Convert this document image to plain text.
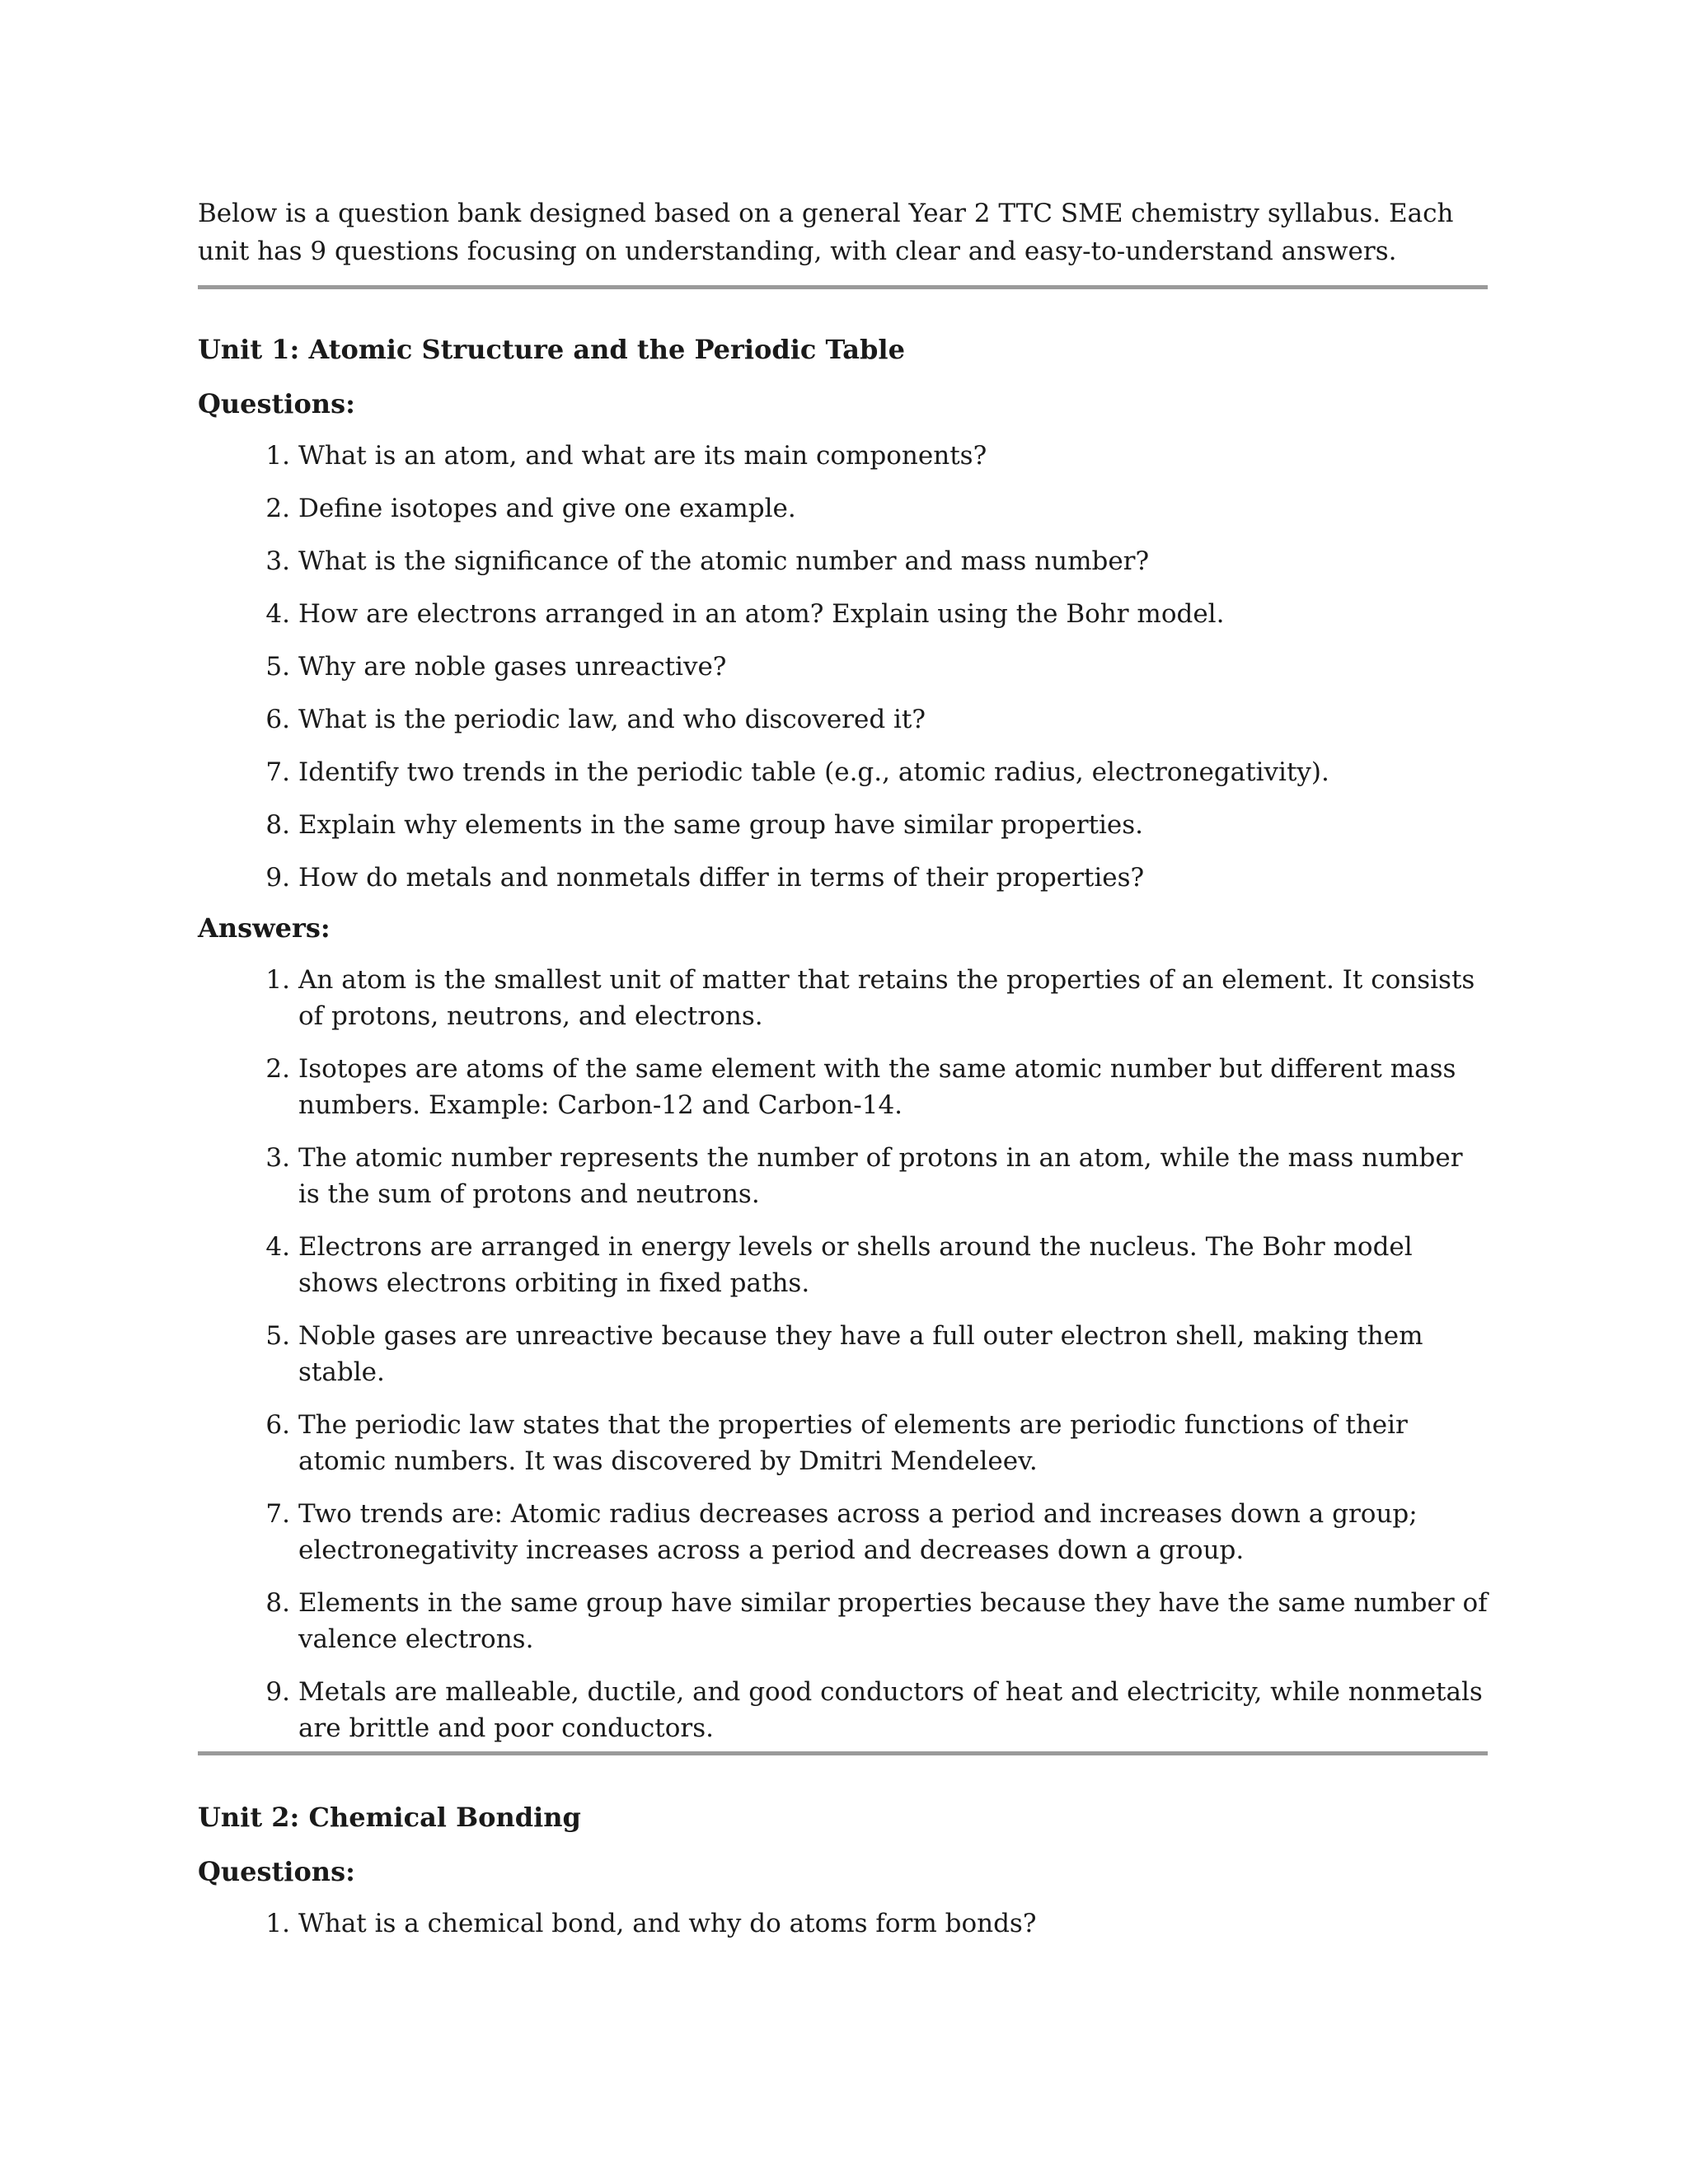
Below is a question bank designed based on a general Year 2 TTC SME chemistry syllabus. Each unit has 9 questions focusing on understanding, with clear and easy-to-understand answers.

Unit 1: Atomic Structure and the Periodic Table
Questions:
1. What is an atom, and what are its main components?
2. Define isotopes and give one example.
3. What is the significance of the atomic number and mass number?
4. How are electrons arranged in an atom? Explain using the Bohr model.
5. Why are noble gases unreactive?
6. What is the periodic law, and who discovered it?
7. Identify two trends in the periodic table (e.g., atomic radius, electronegativity).
8. Explain why elements in the same group have similar properties.
9. How do metals and nonmetals differ in terms of their properties?
Answers:
1. An atom is the smallest unit of matter that retains the properties of an element. It consists of protons, neutrons, and electrons.
2. Isotopes are atoms of the same element with the same atomic number but different mass numbers. Example: Carbon-12 and Carbon-14.
3. The atomic number represents the number of protons in an atom, while the mass number is the sum of protons and neutrons.
4. Electrons are arranged in energy levels or shells around the nucleus. The Bohr model shows electrons orbiting in fixed paths.
5. Noble gases are unreactive because they have a full outer electron shell, making them stable.
6. The periodic law states that the properties of elements are periodic functions of their atomic numbers. It was discovered by Dmitri Mendeleev.
7. Two trends are: Atomic radius decreases across a period and increases down a group; electronegativity increases across a period and decreases down a group.
8. Elements in the same group have similar properties because they have the same number of valence electrons.
9. Metals are malleable, ductile, and good conductors of heat and electricity, while nonmetals are brittle and poor conductors.
Unit 2: Chemical Bonding
Questions:
1. What is a chemical bond, and why do atoms form bonds?
